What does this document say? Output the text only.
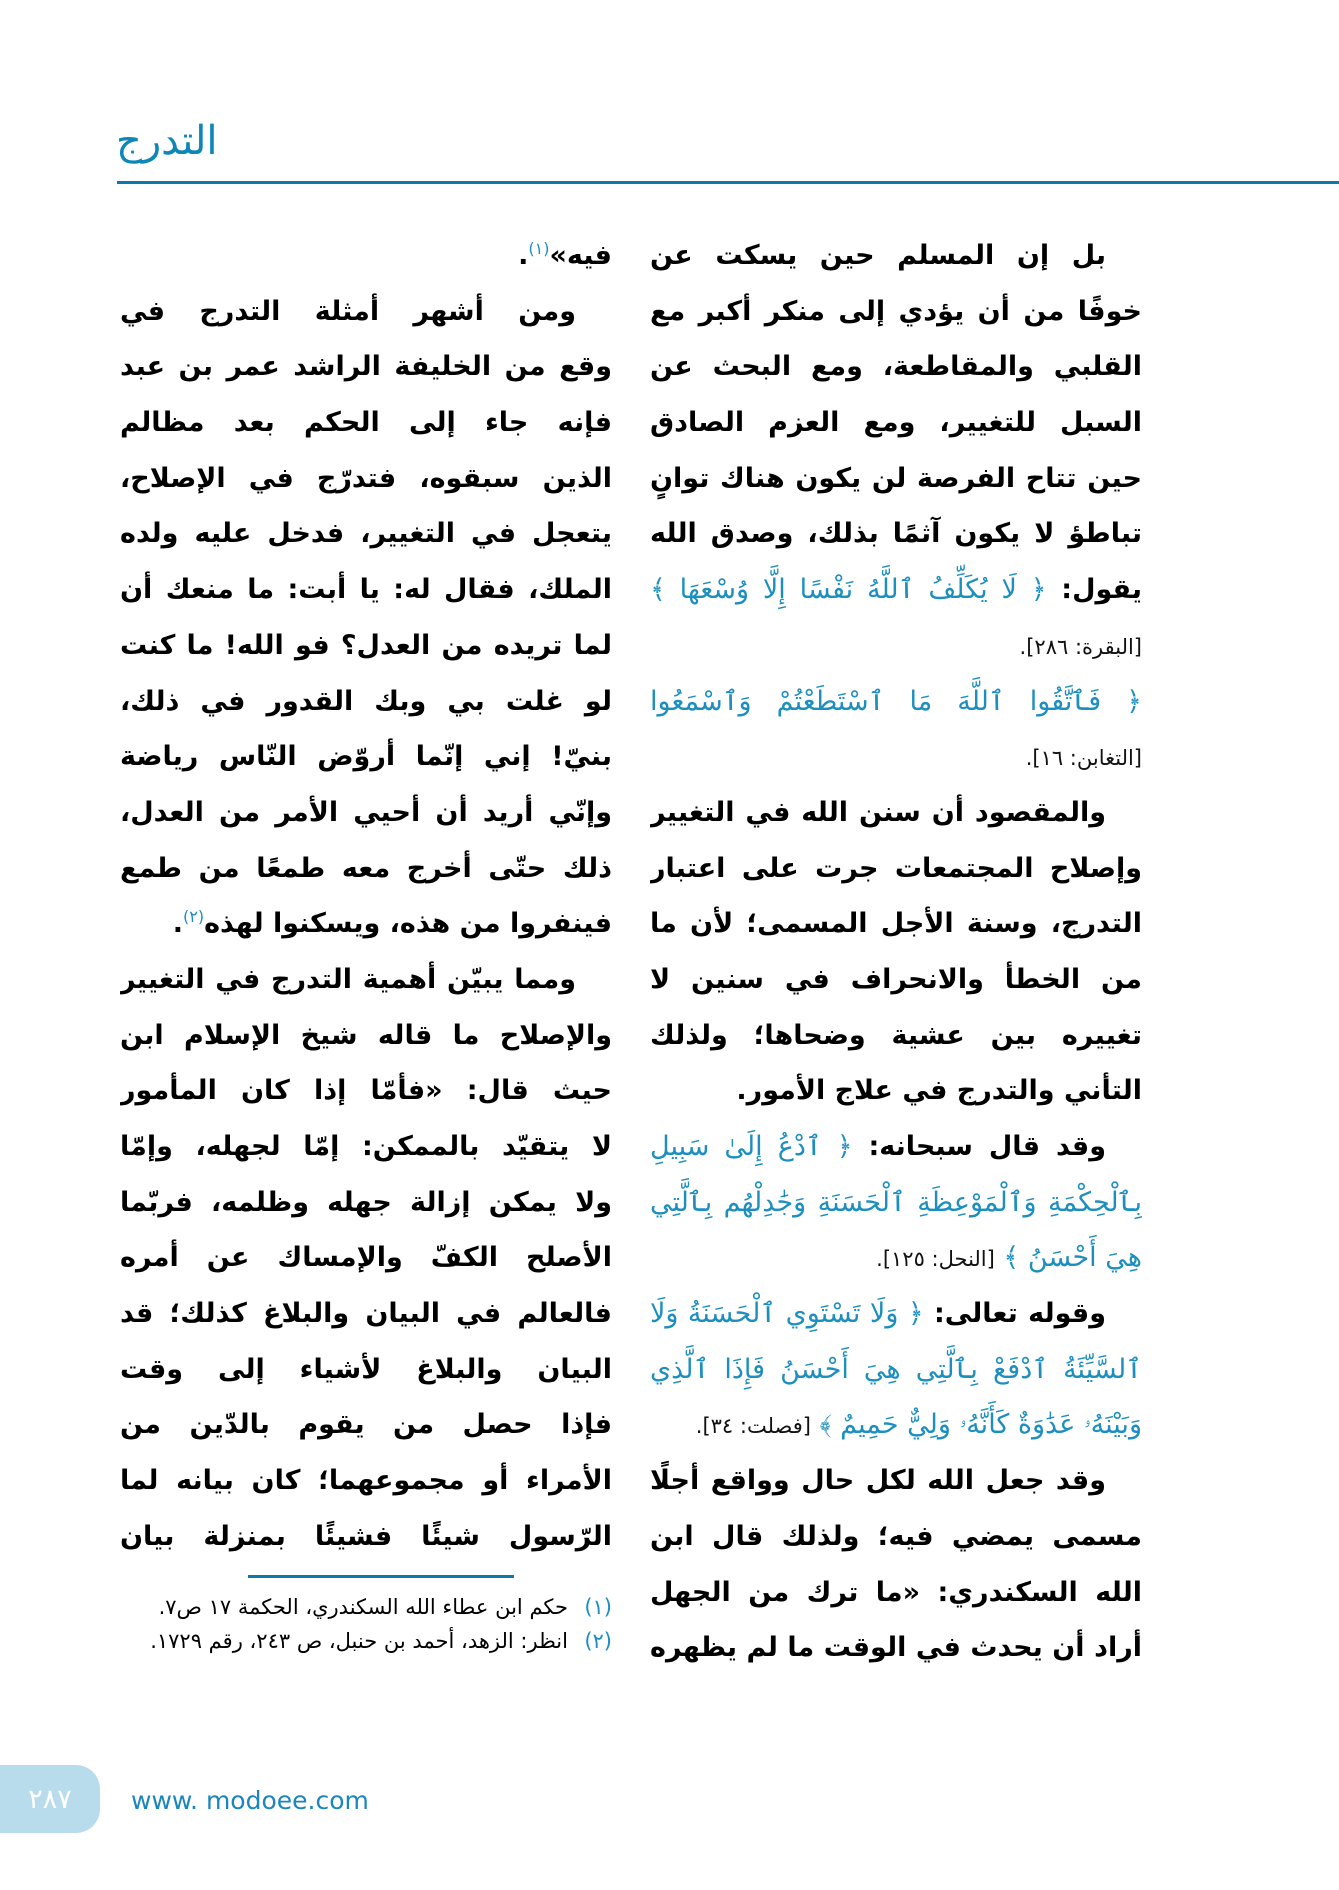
التدرج
بل إن المسلم حين يسكت عن
خوفًا من أن يؤدي إلى منكر أكبر مع
القلبي والمقاطعة، ومع البحث عن
السبل للتغيير، ومع العزم الصادق
حين تتاح الفرصة لن يكون هناك توانٍ
تباطؤ لا يكون آثمًا بذلك، وصدق الله
يقول: ﴿ لَا يُكَلِّفُ ٱللَّهُ نَفْسًا إِلَّا وُسْعَهَا ﴾
[البقرة: ٢٨٦].
﴿ فَٱتَّقُوا ٱللَّهَ مَا ٱسْتَطَعْتُمْ وَٱسْمَعُوا
[التغابن: ١٦].
والمقصود أن سنن الله في التغيير
وإصلاح المجتمعات جرت على اعتبار
التدرج، وسنة الأجل المسمى؛ لأن ما
من الخطأ والانحراف في سنين لا
تغييره بين عشية وضحاها؛ ولذلك
التأني والتدرج في علاج الأمور.
وقد قال سبحانه: ﴿ ٱدْعُ إِلَىٰ سَبِيلِ
بِٱلْحِكْمَةِ وَٱلْمَوْعِظَةِ ٱلْحَسَنَةِ وَجَٰدِلْهُم بِٱلَّتِي
هِيَ أَحْسَنُ ﴾ [النحل: ١٢٥].
وقوله تعالى: ﴿ وَلَا تَسْتَوِي ٱلْحَسَنَةُ وَلَا
ٱلسَّيِّئَةُ ٱدْفَعْ بِٱلَّتِي هِيَ أَحْسَنُ فَإِذَا ٱلَّذِي
وَبَيْنَهُۥ عَدَٰوَةٌ كَأَنَّهُۥ وَلِيٌّ حَمِيمٌ ﴾ [فصلت: ٣٤].
وقد جعل الله لكل حال وواقع أجلًا
مسمى يمضي فيه؛ ولذلك قال ابن
الله السكندري: «ما ترك من الجهل
أراد أن يحدث في الوقت ما لم يظهره
فيه»$^{(١)}$.
ومن أشهر أمثلة التدرج في
وقع من الخليفة الراشد عمر بن عبد
فإنه جاء إلى الحكم بعد مظالم
الذين سبقوه، فتدرّج في الإصلاح،
يتعجل في التغيير، فدخل عليه ولده
الملك، فقال له: يا أبت: ما منعك أن
لما تريده من العدل؟ فو الله! ما كنت
لو غلت بي وبك القدور في ذلك،
بنيّ! إني إنّما أروّض النّاس رياضة
وإنّي أريد أن أحيي الأمر من العدل،
ذلك حتّى أخرج معه طمعًا من طمع
فينفروا من هذه، ويسكنوا لهذه$^{(٢)}$.
ومما يبيّن أهمية التدرج في التغيير
والإصلاح ما قاله شيخ الإسلام ابن
حيث قال: «فأمّا إذا كان المأمور
لا يتقيّد بالممكن: إمّا لجهله، وإمّا
ولا يمكن إزالة جهله وظلمه، فربّما
الأصلح الكفّ والإمساك عن أمره
فالعالم في البيان والبلاغ كذلك؛ قد
البيان والبلاغ لأشياء إلى وقت
فإذا حصل من يقوم بالدّين من
الأمراء أو مجموعهما؛ كان بيانه لما
الرّسول شيئًا فشيئًا بمنزلة بيان
(١)
حكم ابن عطاء الله السكندري، الحكمة ١٧ ص٧.
(٢)
انظر: الزهد، أحمد بن حنبل، ص ٢٤٣، رقم ١٧٢٩.
٢٨٧ www. modoee.com
